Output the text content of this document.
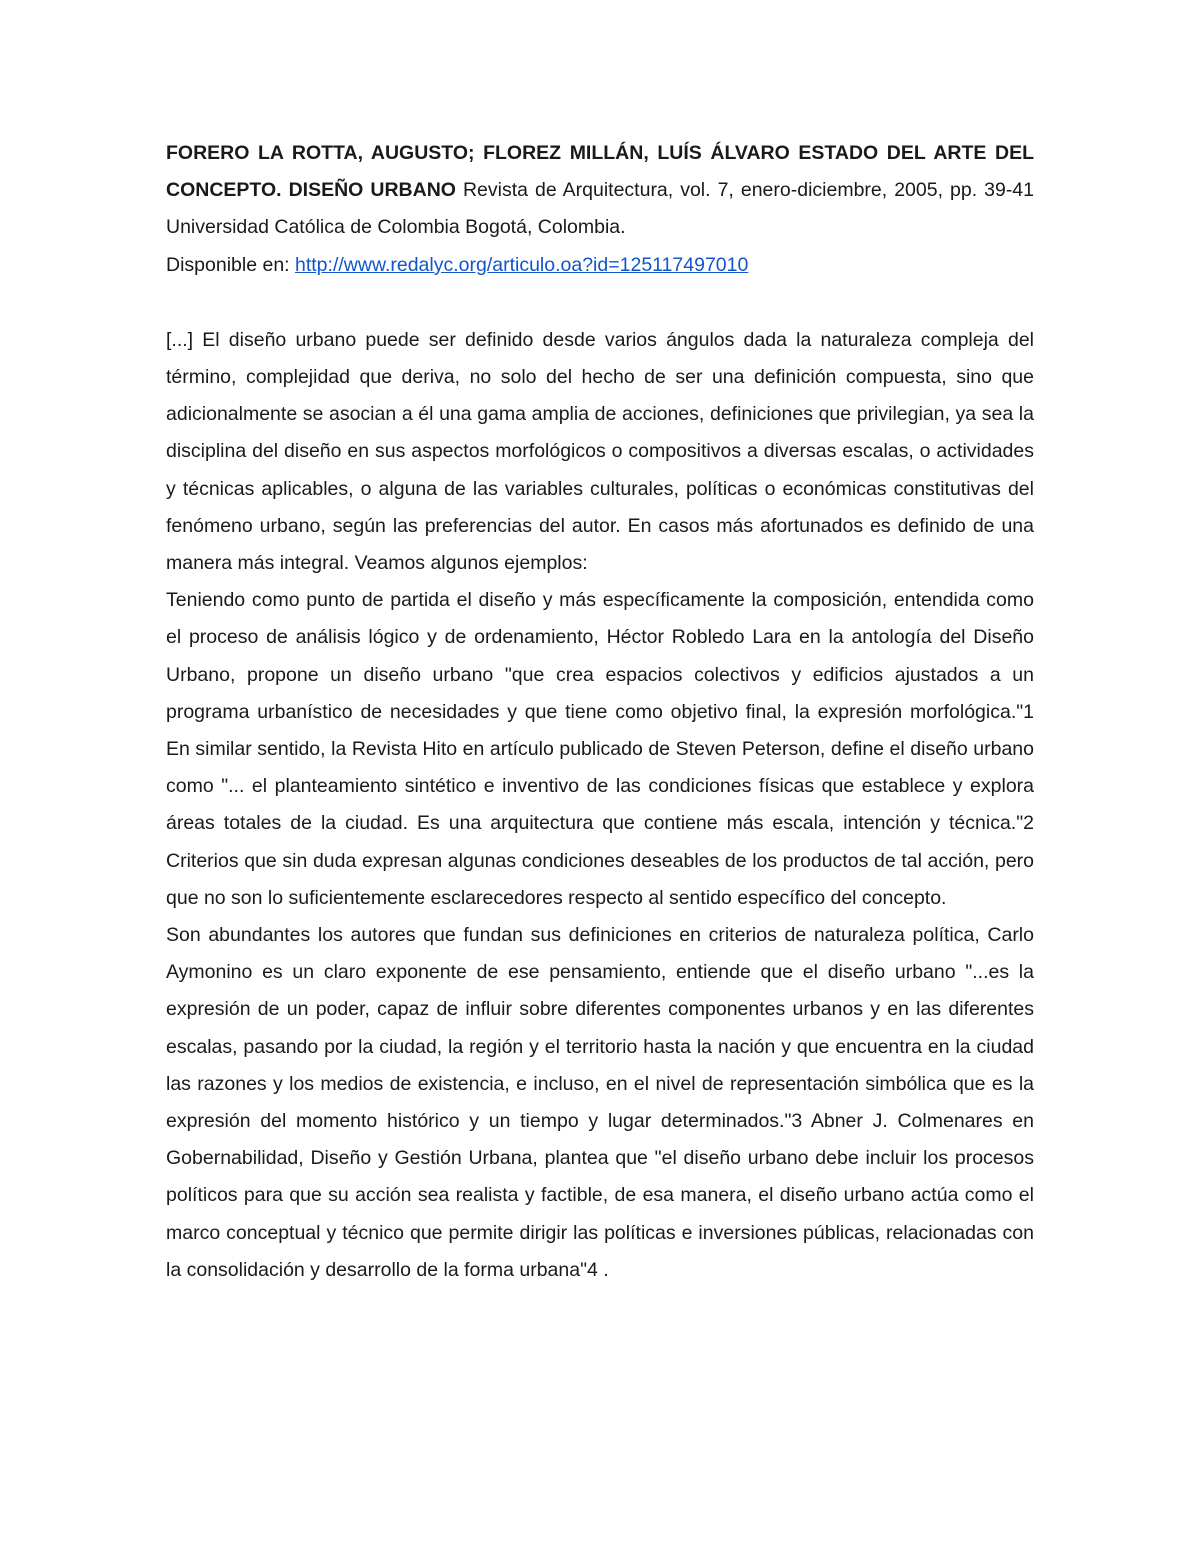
FORERO LA ROTTA, AUGUSTO; FLOREZ MILLÁN, LUÍS ÁLVARO ESTADO DEL ARTE DEL CONCEPTO. DISEÑO URBANO Revista de Arquitectura, vol. 7, enero-diciembre, 2005, pp. 39-41 Universidad Católica de Colombia Bogotá, Colombia.

Disponible en: http://www.redalyc.org/articulo.oa?id=125117497010

[...] El diseño urbano puede ser definido desde varios ángulos dada la naturaleza compleja del término, complejidad que deriva, no solo del hecho de ser una definición compuesta, sino que adicionalmente se asocian a él una gama amplia de acciones, definiciones que privilegian, ya sea la disciplina del diseño en sus aspectos morfológicos o compositivos a diversas escalas, o actividades y técnicas aplicables, o alguna de las variables culturales, políticas o económicas constitutivas del fenómeno urbano, según las preferencias del autor. En casos más afortunados es definido de una manera más integral. Veamos algunos ejemplos:

Teniendo como punto de partida el diseño y más específicamente la composición, entendida como el proceso de análisis lógico y de ordenamiento, Héctor Robledo Lara en la antología del Diseño Urbano, propone un diseño urbano "que crea espacios colectivos y edificios ajustados a un programa urbanístico de necesidades y que tiene como objetivo final, la expresión morfológica."1 En similar sentido, la Revista Hito en artículo publicado de Steven Peterson, define el diseño urbano como "... el planteamiento sintético e inventivo de las condiciones físicas que establece y explora áreas totales de la ciudad. Es una arquitectura que contiene más escala, intención y técnica."2 Criterios que sin duda expresan algunas condiciones deseables de los productos de tal acción, pero que no son lo suficientemente esclarecedores respecto al sentido específico del concepto.

Son abundantes los autores que fundan sus definiciones en criterios de naturaleza política, Carlo Aymonino es un claro exponente de ese pensamiento, entiende que el diseño urbano "...es la expresión de un poder, capaz de influir sobre diferentes componentes urbanos y en las diferentes escalas, pasando por la ciudad, la región y el territorio hasta la nación y que encuentra en la ciudad las razones y los medios de existencia, e incluso, en el nivel de representación simbólica que es la expresión del momento histórico y un tiempo y lugar determinados."3 Abner J. Colmenares en Gobernabilidad, Diseño y Gestión Urbana, plantea que "el diseño urbano debe incluir los procesos políticos para que su acción sea realista y factible, de esa manera, el diseño urbano actúa como el marco conceptual y técnico que permite dirigir las políticas e inversiones públicas, relacionadas con la consolidación y desarrollo de la forma urbana"4 .
